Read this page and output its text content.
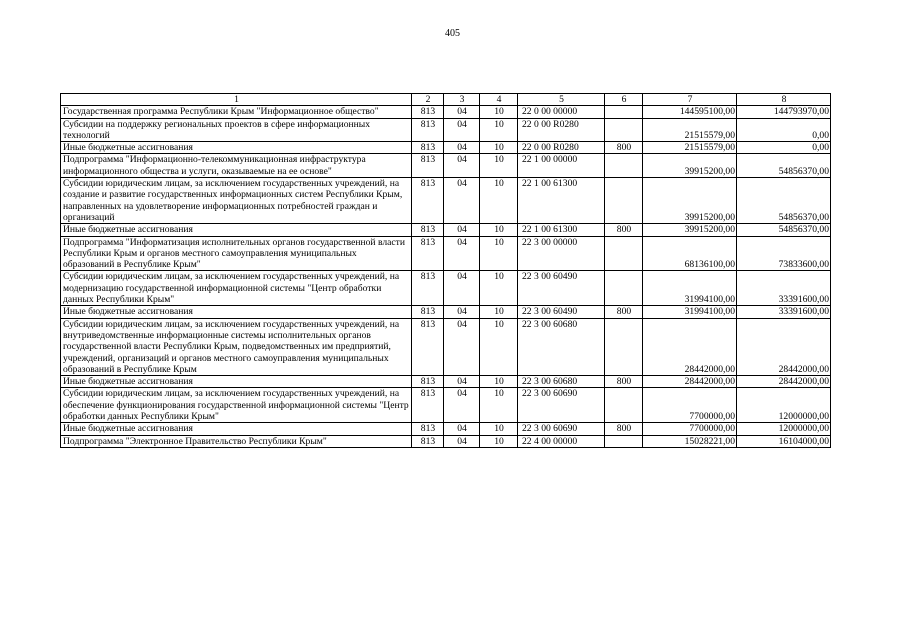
405
1	2	3	4	5	6	7	8
Государственная программа Республики Крым "Информационное общество"	813	04	10	22 0 00 00000		144595100,00	144793970,00
Субсидии на поддержку региональных проектов в сфере информационных технологий	813	04	10	22 0 00 R0280		21515579,00	0,00
Иные бюджетные ассигнования	813	04	10	22 0 00 R0280	800	21515579,00	0,00
Подпрограмма "Информационно-телекоммуникационная инфраструктура информационного общества и услуги, оказываемые на ее основе"	813	04	10	22 1 00 00000		39915200,00	54856370,00
Субсидии юридическим лицам, за исключением государственных учреждений, на создание и развитие государственных информационных систем Республики Крым, направленных на удовлетворение информационных потребностей граждан и организаций	813	04	10	22 1 00 61300		39915200,00	54856370,00
Иные бюджетные ассигнования	813	04	10	22 1 00 61300	800	39915200,00	54856370,00
Подпрограмма "Информатизация исполнительных органов государственной власти Республики Крым и органов местного самоуправления муниципальных образований в Республике Крым"	813	04	10	22 3 00 00000		68136100,00	73833600,00
Субсидии юридическим лицам, за исключением государственных учреждений, на модернизацию государственной информационной системы "Центр обработки данных Республики Крым"	813	04	10	22 3 00 60490		31994100,00	33391600,00
Иные бюджетные ассигнования	813	04	10	22 3 00 60490	800	31994100,00	33391600,00
Субсидии юридическим лицам, за исключением государственных учреждений, на внутриведомственные информационные системы исполнительных органов государственной власти Республики Крым, подведомственных им предприятий, учреждений, организаций и органов местного самоуправления муниципальных образований в Республике Крым	813	04	10	22 3 00 60680		28442000,00	28442000,00
Иные бюджетные ассигнования	813	04	10	22 3 00 60680	800	28442000,00	28442000,00
Субсидии юридическим лицам, за исключением государственных учреждений, на обеспечение функционирования государственной информационной системы "Центр обработки данных Республики Крым"	813	04	10	22 3 00 60690		7700000,00	12000000,00
Иные бюджетные ассигнования	813	04	10	22 3 00 60690	800	7700000,00	12000000,00
Подпрограмма "Электронное Правительство Республики Крым"	813	04	10	22 4 00 00000		15028221,00	16104000,00
